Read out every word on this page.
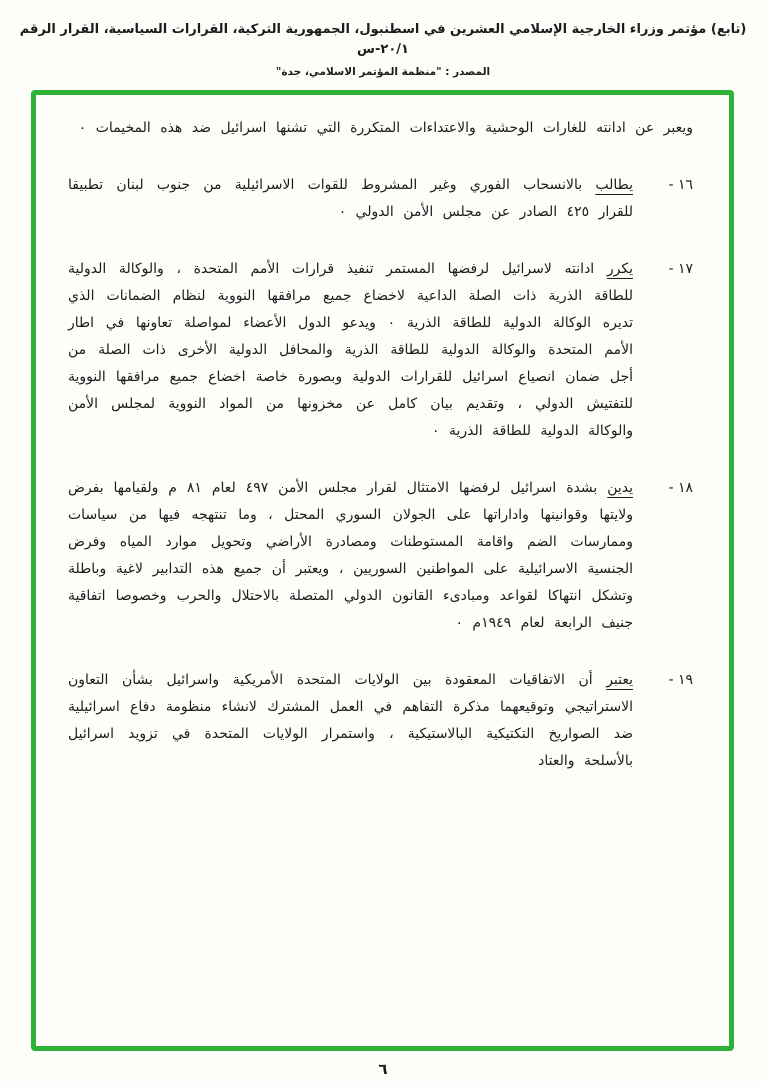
(تابع) مؤتمر وزراء الخارجية الإسلامي العشرين في اسطنبول، الجمهورية التركية، القرارات السياسية، القرار الرقم ٢٠/١-س
المصدر : "منظمة المؤتمر الاسلامي، جدة"

ويعبر عن ادانته للغارات الوحشية والاعتداءات المتكررة التي تشنها اسرائيل ضد هذه المخيمات ٠

١٦ -
يطالب بالانسحاب الفوري وغير المشروط للقوات الاسرائيلية من جنوب لبنان تطبيقا للقرار ٤٢٥ الصادر عن مجلس الأمن الدولي ٠
١٧ -
يكرر ادانته لاسرائيل لرفضها المستمر تنفيذ قرارات الأمم المتحدة ، والوكالة الدولية للطاقة الذرية ذات الصلة الداعية لاخضاع جميع مرافقها النووية لنظام الضمانات الذي تديره الوكالة الدولية للطاقة الذرية ٠ ويدعو الدول الأعضاء لمواصلة تعاونها في اطار الأمم المتحدة والوكالة الدولية للطاقة الذرية والمحافل الدولية الأخرى ذات الصلة من أجل ضمان انصياع اسرائيل للقرارات الدولية وبصورة خاصة اخضاع جميع مرافقها النووية للتفتيش الدولي ، وتقديم بيان كامل عن مخزونها من المواد النووية لمجلس الأمن والوكالة الدولية للطاقة الذرية ٠
١٨ -
يدين بشدة اسرائيل لرفضها الامتثال لقرار مجلس الأمن ٤٩٧ لعام ٨١ م ولقيامها بفرض ولايتها وقوانينها واداراتها على الجولان السوري المحتل ، وما تنتهجه فيها من سياسات وممارسات الضم واقامة المستوطنات ومصادرة الأراضي وتحويل موارد المياه وفرض الجنسية الاسرائيلية على المواطنين السوريين ، ويعتبر أن جميع هذه التدابير لاغية وباطلة وتشكل انتهاكا لقواعد ومبادىء القانون الدولي المتصلة بالاحتلال والحرب وخصوصا اتفاقية جنيف الرابعة لعام ١٩٤٩م ٠
١٩ -
يعتبر أن الاتفاقيات المعقودة بين الولايات المتحدة الأمريكية واسرائيل بشأن التعاون الاستراتيجي وتوقيعهما مذكرة التفاهم في العمل المشترك لانشاء منظومة دفاع اسرائيلية ضد الصواريخ التكتيكية البالاستيكية ، واستمرار الولايات المتحدة في تزويد اسرائيل بالأسلحة والعتاد
٦
